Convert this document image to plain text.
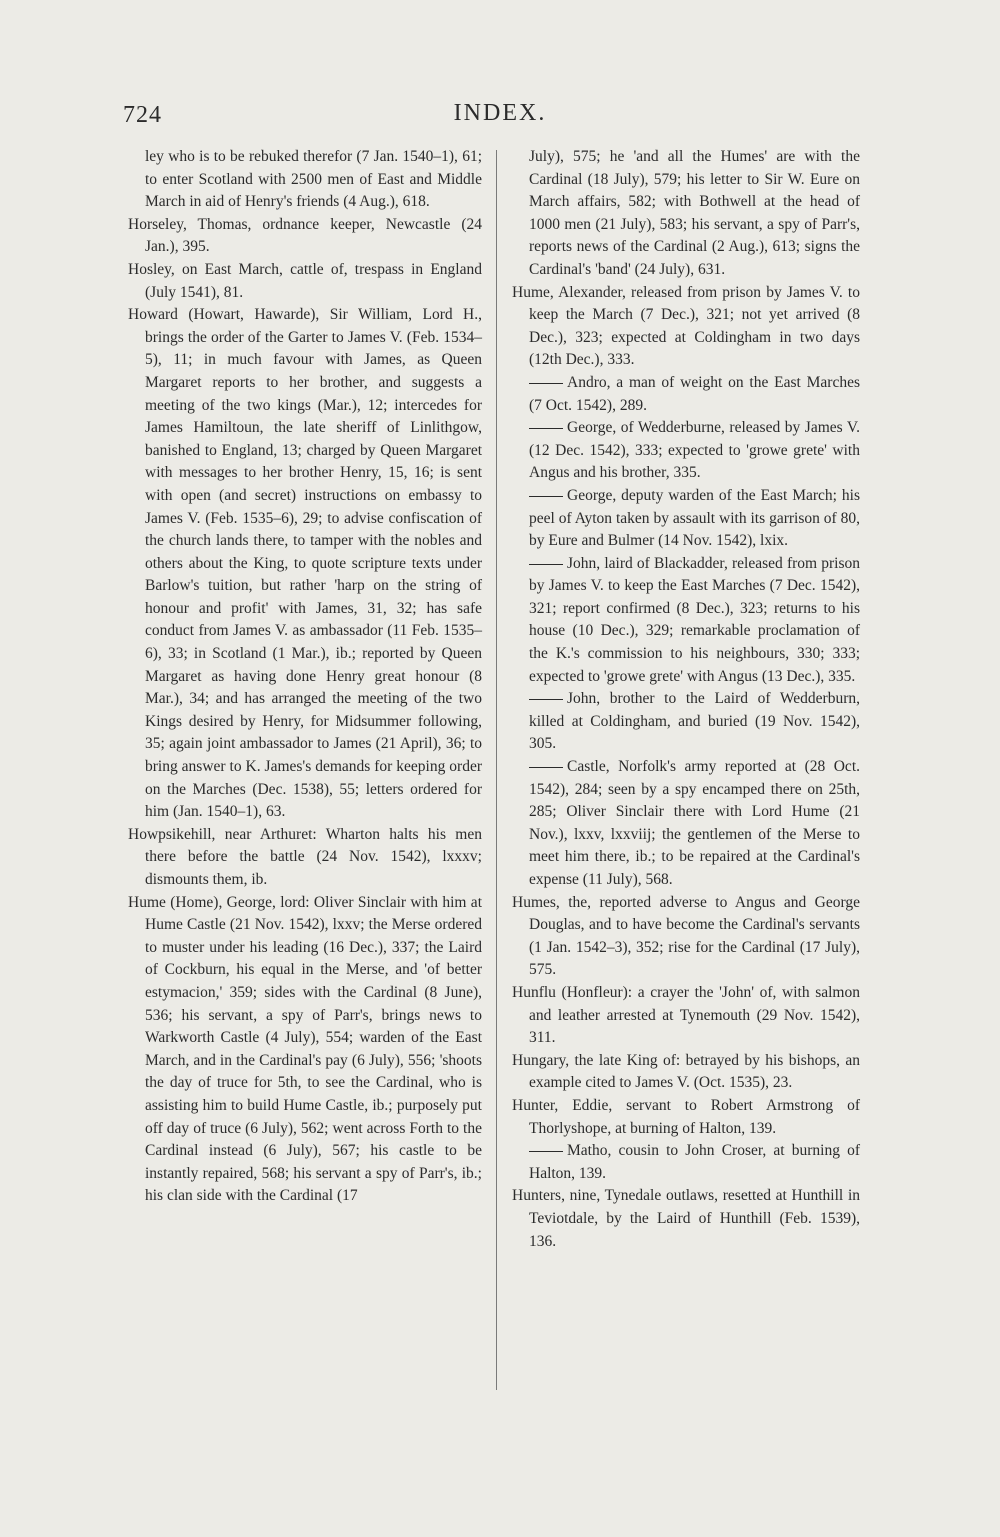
724	INDEX.

ley who is to be rebuked therefor (7 Jan. 1540–1), 61; to enter Scotland with 2500 men of East and Middle March in aid of Henry's friends (4 Aug.), 618.

Horseley, Thomas, ordnance keeper, Newcastle (24 Jan.), 395.

Hosley, on East March, cattle of, trespass in England (July 1541), 81.

Howard (Howart, Hawarde), Sir William, Lord H., brings the order of the Garter to James V. (Feb. 1534–5), 11; in much favour with James, as Queen Margaret reports to her brother, and suggests a meeting of the two kings (Mar.), 12; intercedes for James Hamiltoun, the late sheriff of Linlithgow, banished to England, 13; charged by Queen Margaret with messages to her brother Henry, 15, 16; is sent with open (and secret) instructions on embassy to James V. (Feb. 1535–6), 29; to advise confiscation of the church lands there, to tamper with the nobles and others about the King, to quote scripture texts under Barlow's tuition, but rather 'harp on the string of honour and profit' with James, 31, 32; has safe conduct from James V. as ambassador (11 Feb. 1535–6), 33; in Scotland (1 Mar.), ib.; reported by Queen Margaret as having done Henry great honour (8 Mar.), 34; and has arranged the meeting of the two Kings desired by Henry, for Midsummer following, 35; again joint ambassador to James (21 April), 36; to bring answer to K. James's demands for keeping order on the Marches (Dec. 1538), 55; letters ordered for him (Jan. 1540–1), 63.

Howpsikehill, near Arthuret: Wharton halts his men there before the battle (24 Nov. 1542), lxxxv; dismounts them, ib.

Hume (Home), George, lord: Oliver Sinclair with him at Hume Castle (21 Nov. 1542), lxxv; the Merse ordered to muster under his leading (16 Dec.), 337; the Laird of Cockburn, his equal in the Merse, and 'of better estymacion,' 359; sides with the Cardinal (8 June), 536; his servant, a spy of Parr's, brings news to Warkworth Castle (4 July), 554; warden of the East March, and in the Cardinal's pay (6 July), 556; 'shoots the day of truce for 5th, to see the Cardinal, who is assisting him to build Hume Castle, ib.; purposely put off day of truce (6 July), 562; went across Forth to the Cardinal instead (6 July), 567; his castle to be instantly repaired, 568; his servant a spy of Parr's, ib.; his clan side with the Cardinal (17

July), 575; he 'and all the Humes' are with the Cardinal (18 July), 579; his letter to Sir W. Eure on March affairs, 582; with Bothwell at the head of 1000 men (21 July), 583; his servant, a spy of Parr's, reports news of the Cardinal (2 Aug.), 613; signs the Cardinal's 'band' (24 July), 631.

Hume, Alexander, released from prison by James V. to keep the March (7 Dec.), 321; not yet arrived (8 Dec.), 323; expected at Coldingham in two days (12th Dec.), 333.

Andro, a man of weight on the East Marches (7 Oct. 1542), 289.

George, of Wedderburne, released by James V. (12 Dec. 1542), 333; expected to 'growe grete' with Angus and his brother, 335.

George, deputy warden of the East March; his peel of Ayton taken by assault with its garrison of 80, by Eure and Bulmer (14 Nov. 1542), lxix.

John, laird of Blackadder, released from prison by James V. to keep the East Marches (7 Dec. 1542), 321; report confirmed (8 Dec.), 323; returns to his house (10 Dec.), 329; remarkable proclamation of the K.'s commission to his neighbours, 330; 333; expected to 'growe grete' with Angus (13 Dec.), 335.

John, brother to the Laird of Wedderburn, killed at Coldingham, and buried (19 Nov. 1542), 305.

Castle, Norfolk's army reported at (28 Oct. 1542), 284; seen by a spy encamped there on 25th, 285; Oliver Sinclair there with Lord Hume (21 Nov.), lxxv, lxxviij; the gentlemen of the Merse to meet him there, ib.; to be repaired at the Cardinal's expense (11 July), 568.

Humes, the, reported adverse to Angus and George Douglas, and to have become the Cardinal's servants (1 Jan. 1542–3), 352; rise for the Cardinal (17 July), 575.

Hunflu (Honfleur): a crayer the 'John' of, with salmon and leather arrested at Tynemouth (29 Nov. 1542), 311.

Hungary, the late King of: betrayed by his bishops, an example cited to James V. (Oct. 1535), 23.

Hunter, Eddie, servant to Robert Armstrong of Thorlyshope, at burning of Halton, 139.

Matho, cousin to John Croser, at burning of Halton, 139.

Hunters, nine, Tynedale outlaws, resetted at Hunthill in Teviotdale, by the Laird of Hunthill (Feb. 1539), 136.
